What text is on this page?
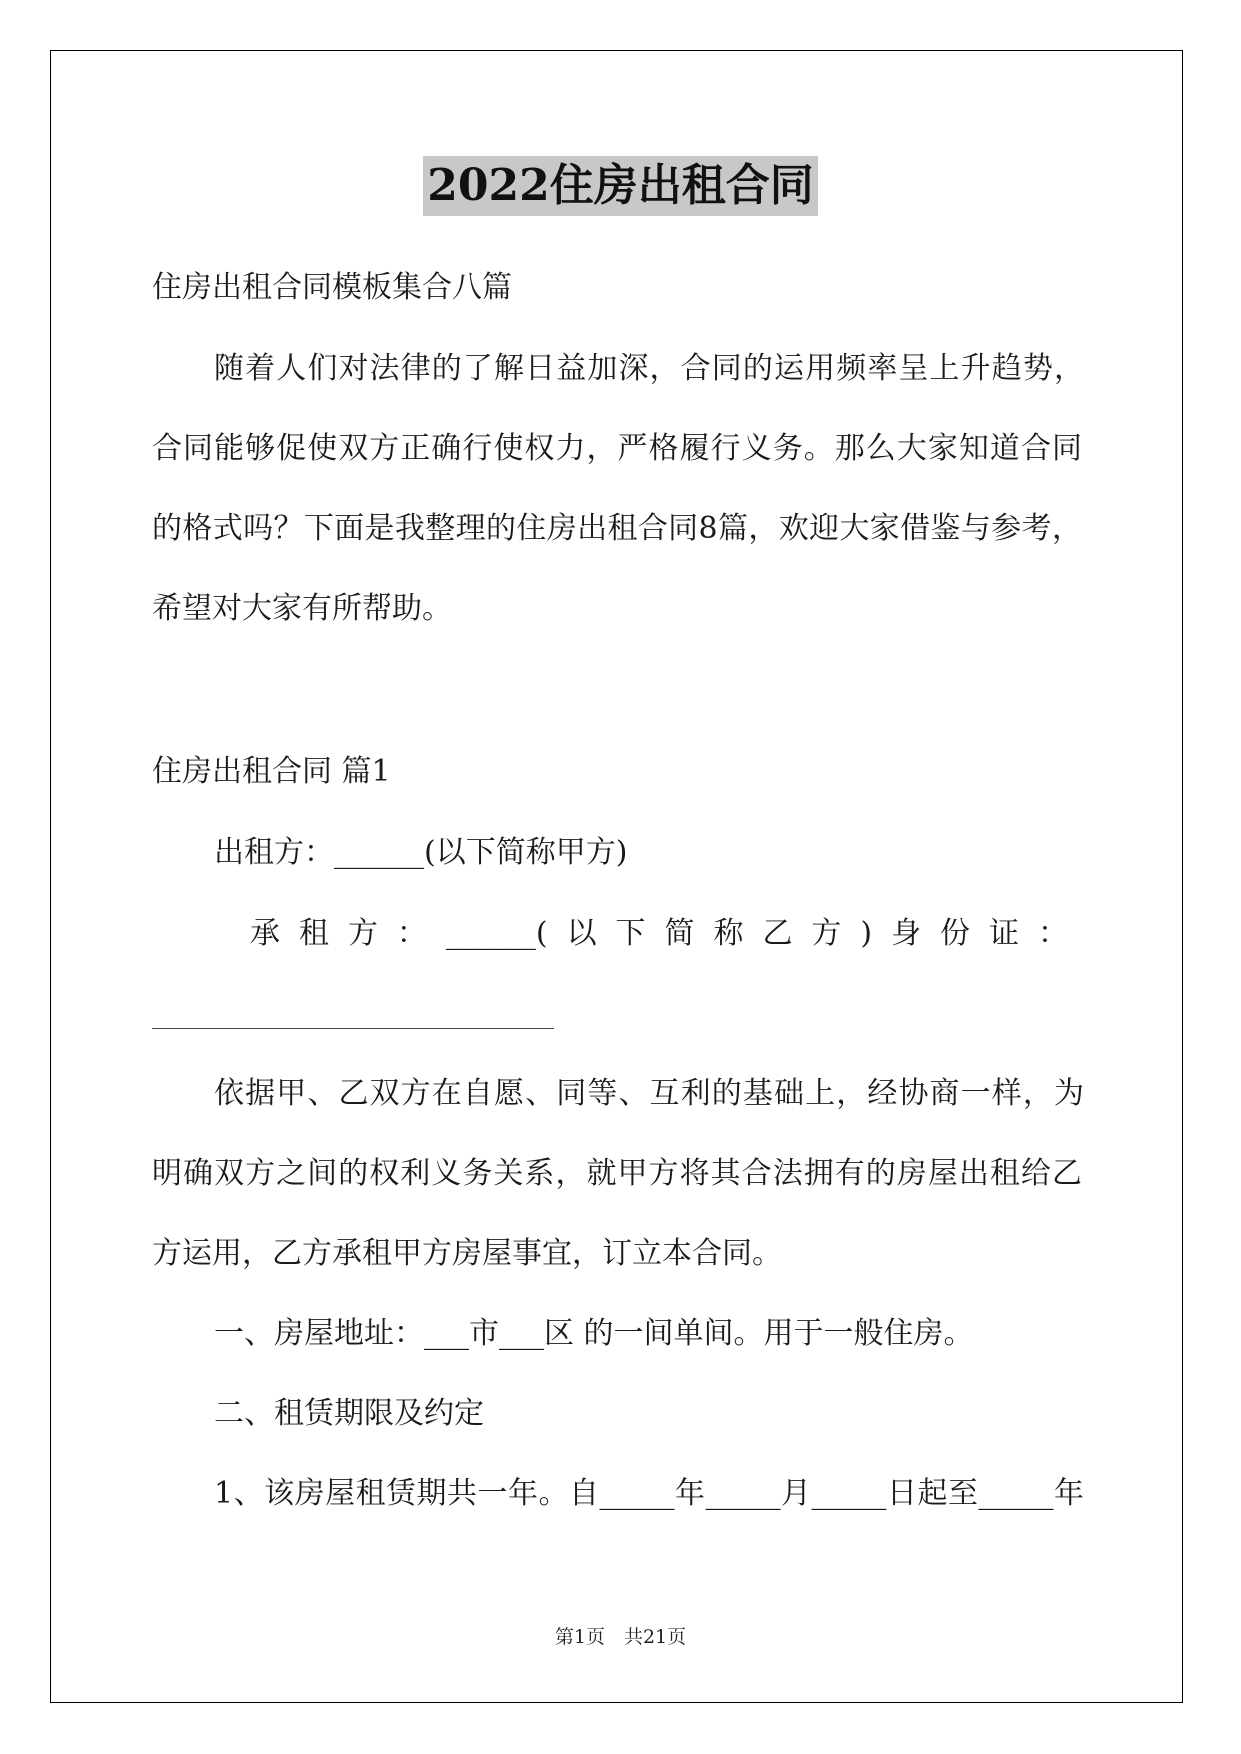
2022住房出租合同
住房出租合同模板集合八篇
随着人们对法律的了解日益加深，合同的运用频率呈上升趋势，
合同能够促使双方正确行使权力，严格履行义务。那么大家知道合同
的格式吗？下面是我整理的住房出租合同8篇，欢迎大家借鉴与参考，
希望对大家有所帮助。
住房出租合同 篇1
出租方：______(以下简称甲方)
承租方：______(以下简称乙方)身份证：
依据甲、乙双方在自愿、同等、互利的基础上，经协商一样，为
明确双方之间的权利义务关系，就甲方将其合法拥有的房屋出租给乙
方运用，乙方承租甲方房屋事宜，订立本合同。
一、房屋地址：___市___区 的一间单间。用于一般住房。
二、租赁期限及约定
1、该房屋租赁期共一年。自_____年_____月_____日起至_____年
第1页　共21页
